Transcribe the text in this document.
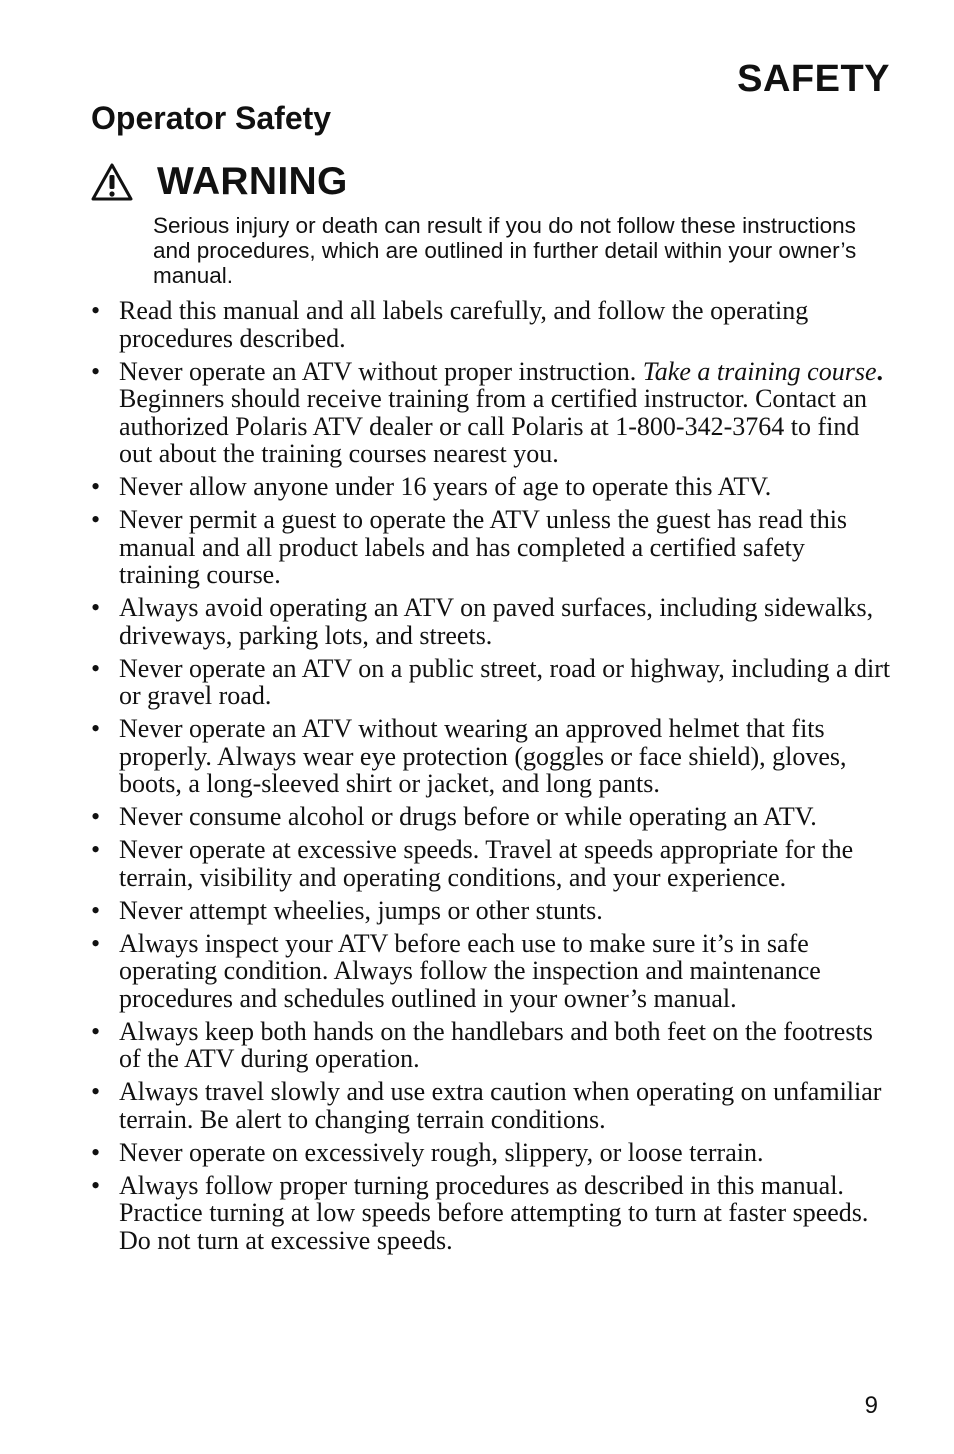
SAFETY
Operator Safety
WARNING

Serious injury or death can result if you do not follow these instructions and procedures, which are outlined in further detail within your owner’s manual.

• Read this manual and all labels carefully, and follow the operating procedures described.
• Never operate an ATV without proper instruction. Take a training course. Beginners should receive training from a certified instructor. Contact an authorized Polaris ATV dealer or call Polaris at 1-800-342-3764 to find out about the training courses nearest you.
• Never allow anyone under 16 years of age to operate this ATV.
• Never permit a guest to operate the ATV unless the guest has read this manual and all product labels and has completed a certified safety training course.
• Always avoid operating an ATV on paved surfaces, including sidewalks, driveways, parking lots, and streets.
• Never operate an ATV on a public street, road or highway, including a dirt or gravel road.
• Never operate an ATV without wearing an approved helmet that fits properly. Always wear eye protection (goggles or face shield), gloves, boots, a long-sleeved shirt or jacket, and long pants.
• Never consume alcohol or drugs before or while operating an ATV.
• Never operate at excessive speeds. Travel at speeds appropriate for the terrain, visibility and operating conditions, and your experience.
• Never attempt wheelies, jumps or other stunts.
• Always inspect your ATV before each use to make sure it’s in safe operating condition. Always follow the inspection and maintenance procedures and schedules outlined in your owner’s manual.
• Always keep both hands on the handlebars and both feet on the footrests of the ATV during operation.
• Always travel slowly and use extra caution when operating on unfamiliar terrain. Be alert to changing terrain conditions.
• Never operate on excessively rough, slippery, or loose terrain.
• Always follow proper turning procedures as described in this manual. Practice turning at low speeds before attempting to turn at faster speeds. Do not turn at excessive speeds.
9
